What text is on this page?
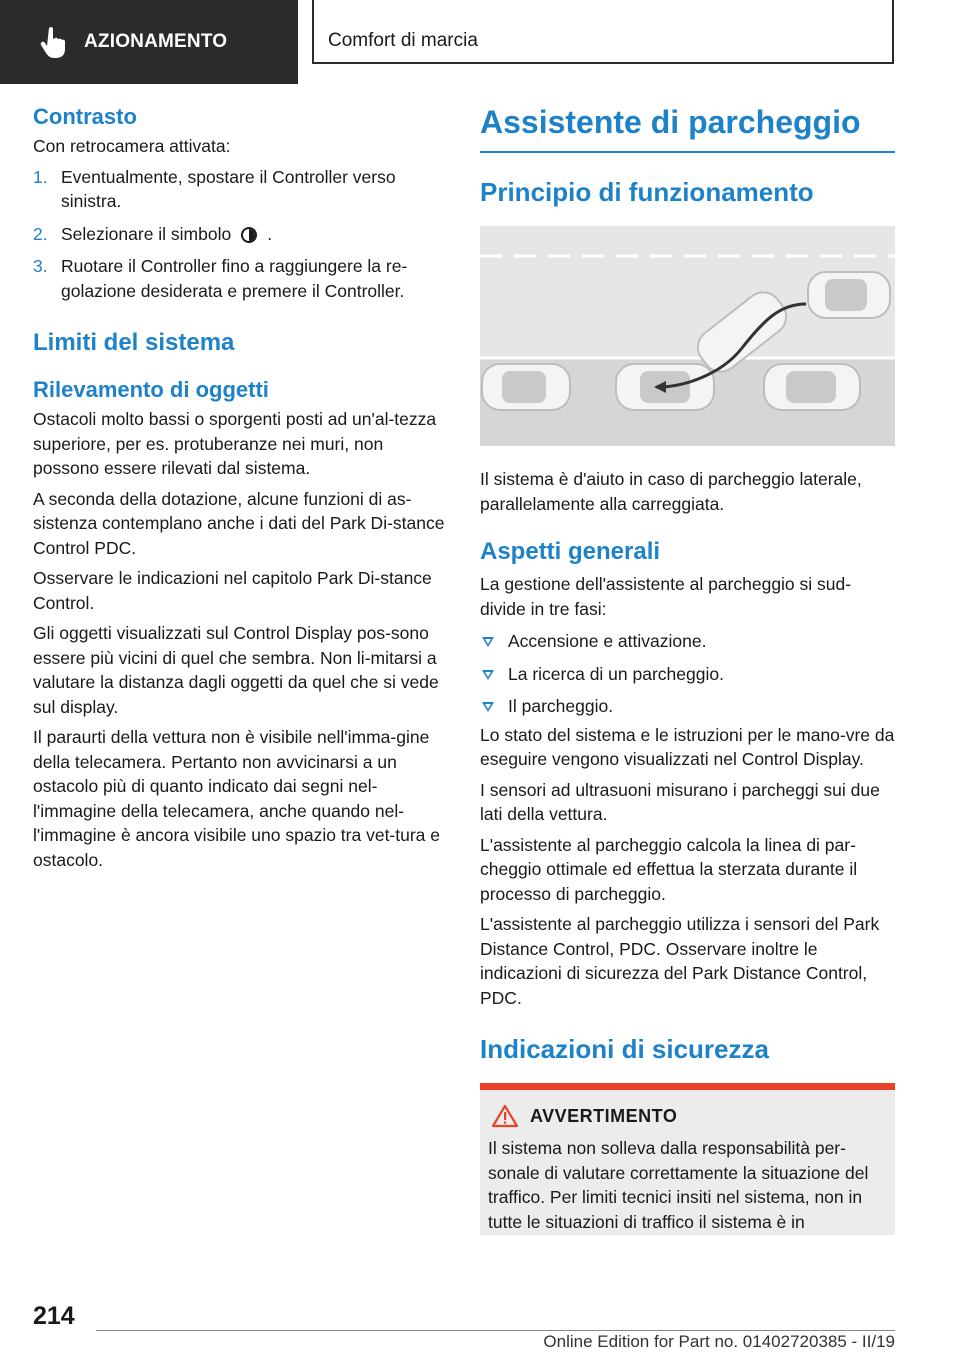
AZIONAMENTO	Comfort di marcia
Contrasto

Con retrocamera attivata:

1. Eventualmente, spostare il Controller verso sinistra.
2. Selezionare il simbolo .
3. Ruotare il Controller fino a raggiungere la re-golazione desiderata e premere il Controller.
Limiti del sistema
Rilevamento di oggetti

Ostacoli molto bassi o sporgenti posti ad un'al-tezza superiore, per es. protuberanze nei muri, non possono essere rilevati dal sistema.

A seconda della dotazione, alcune funzioni di as-sistenza contemplano anche i dati del Park Di-stance Control PDC.

Osservare le indicazioni nel capitolo Park Di-stance Control.

Gli oggetti visualizzati sul Control Display pos-sono essere più vicini di quel che sembra. Non li-mitarsi a valutare la distanza dagli oggetti da quel che si vede sul display.

Il paraurti della vettura non è visibile nell'imma-gine della telecamera. Pertanto non avvicinarsi a un ostacolo più di quanto indicato dai segni nel-l'immagine della telecamera, anche quando nel-l'immagine è ancora visibile uno spazio tra vet-tura e ostacolo.

Assistente di parcheggio
Principio di funzionamento

Il sistema è d'aiuto in caso di parcheggio laterale, parallelamente alla carreggiata.

Aspetti generali

La gestione dell'assistente al parcheggio si sud-divide in tre fasi:

Accensione e attivazione.
La ricerca di un parcheggio.
Il parcheggio.

Lo stato del sistema e le istruzioni per le mano-vre da eseguire vengono visualizzati nel Control Display.

I sensori ad ultrasuoni misurano i parcheggi sui due lati della vettura.

L'assistente al parcheggio calcola la linea di par-cheggio ottimale ed effettua la sterzata durante il processo di parcheggio.

L'assistente al parcheggio utilizza i sensori del Park Distance Control, PDC. Osservare inoltre le indicazioni di sicurezza del Park Distance Control, PDC.

Indicazioni di sicurezza
AVVERTIMENTO

Il sistema non solleva dalla responsabilità per-sonale di valutare correttamente la situazione del traffico. Per limiti tecnici insiti nel sistema, non in tutte le situazioni di traffico il sistema è in

214
Online Edition for Part no. 01402720385 - II/19
